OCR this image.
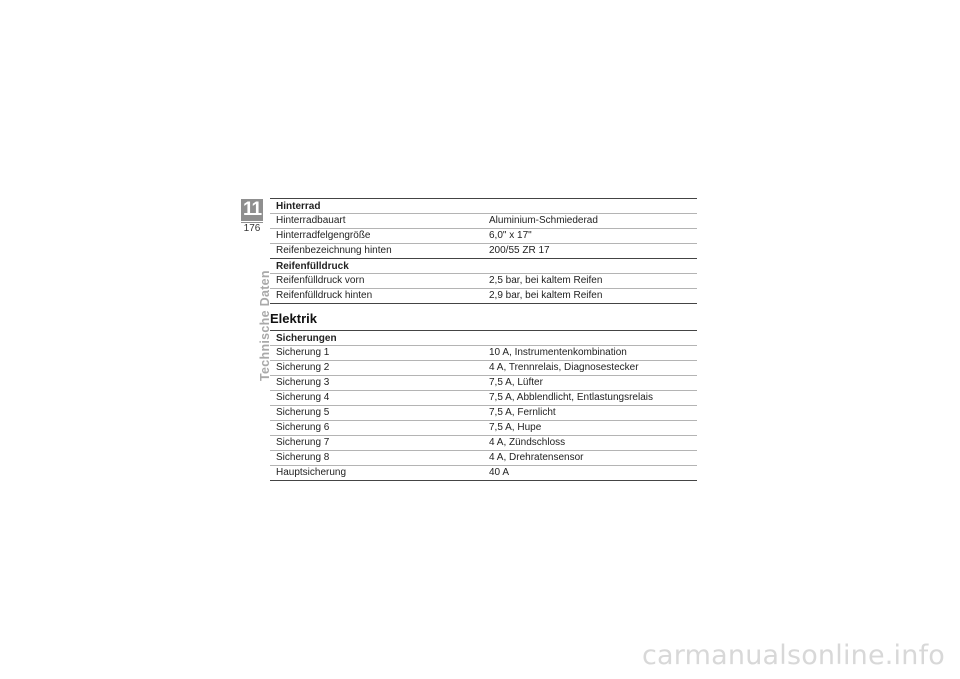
11
176
Technische Daten
Hinterrad
Hinterradbauart	Aluminium-Schmiederad
Hinterradfelgengröße	6,0" x 17"
Reifenbezeichnung hinten	200/55 ZR 17
Reifenfülldruck
Reifenfülldruck vorn	2,5 bar, bei kaltem Reifen
Reifenfülldruck hinten	2,9 bar, bei kaltem Reifen
Elektrik
Sicherungen
Sicherung 1	10 A, Instrumentenkombination
Sicherung 2	4 A, Trennrelais, Diagnosestecker
Sicherung 3	7,5 A, Lüfter
Sicherung 4	7,5 A, Abblendlicht, Entlastungsrelais
Sicherung 5	7,5 A, Fernlicht
Sicherung 6	7,5 A, Hupe
Sicherung 7	4 A, Zündschloss
Sicherung 8	4 A, Drehratensensor
Hauptsicherung	40 A
carmanualsonline.info
